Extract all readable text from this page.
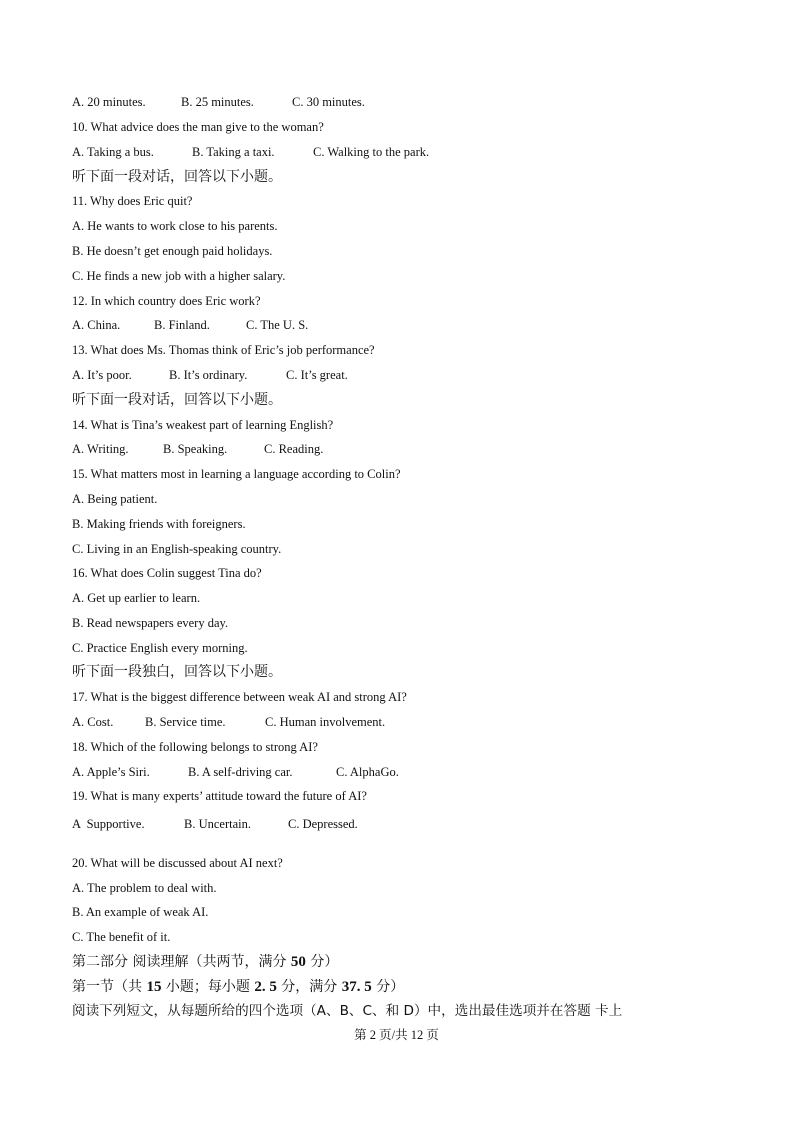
A. 20 minutes.	B. 25 minutes.	C. 30 minutes.
10. What advice does the man give to the woman?
A. Taking a bus.	B. Taking a taxi.	C. Walking to the park.
听下面一段对话，回答以下小题。
11. Why does Eric quit?
A. He wants to work close to his parents.
B. He doesn’t get enough paid holidays.
C. He finds a new job with a higher salary.
12. In which country does Eric work?
A. China.	B. Finland.	C. The U. S.
13. What does Ms. Thomas think of Eric’s job performance?
A. It’s poor.	B. It’s ordinary.	C. It’s great.
听下面一段对话，回答以下小题。
14. What is Tina’s weakest part of learning English?
A. Writing.	B. Speaking.	C. Reading.
15. What matters most in learning a language according to Colin?
A. Being patient.
B. Making friends with foreigners.
C. Living in an English-speaking country.
16. What does Colin suggest Tina do?
A. Get up earlier to learn.
B. Read newspapers every day.
C. Practice English every morning.
听下面一段独白，回答以下小题。
17. What is the biggest difference between weak AI and strong AI?
A. Cost.	B. Service time.	C. Human involvement.
18. Which of the following belongs to strong AI?
A. Apple’s Siri.	B. A self-driving car.	C. AlphaGo.
19. What is many experts’ attitude toward the future of AI?
A  Supportive.	B. Uncertain.	C. Depressed.
20. What will be discussed about AI next?
A. The problem to deal with.
B. An example of weak AI.
C. The benefit of it.
第二部分 阅读理解（共两节，满分 50 分）
第一节（共 15 小题；每小题 2. 5 分，满分 37. 5 分）
阅读下列短文，从每题所给的四个选项（A、B、C、和 D）中，选出最佳选项并在答题 卡上
第 2 页/共 12 页
